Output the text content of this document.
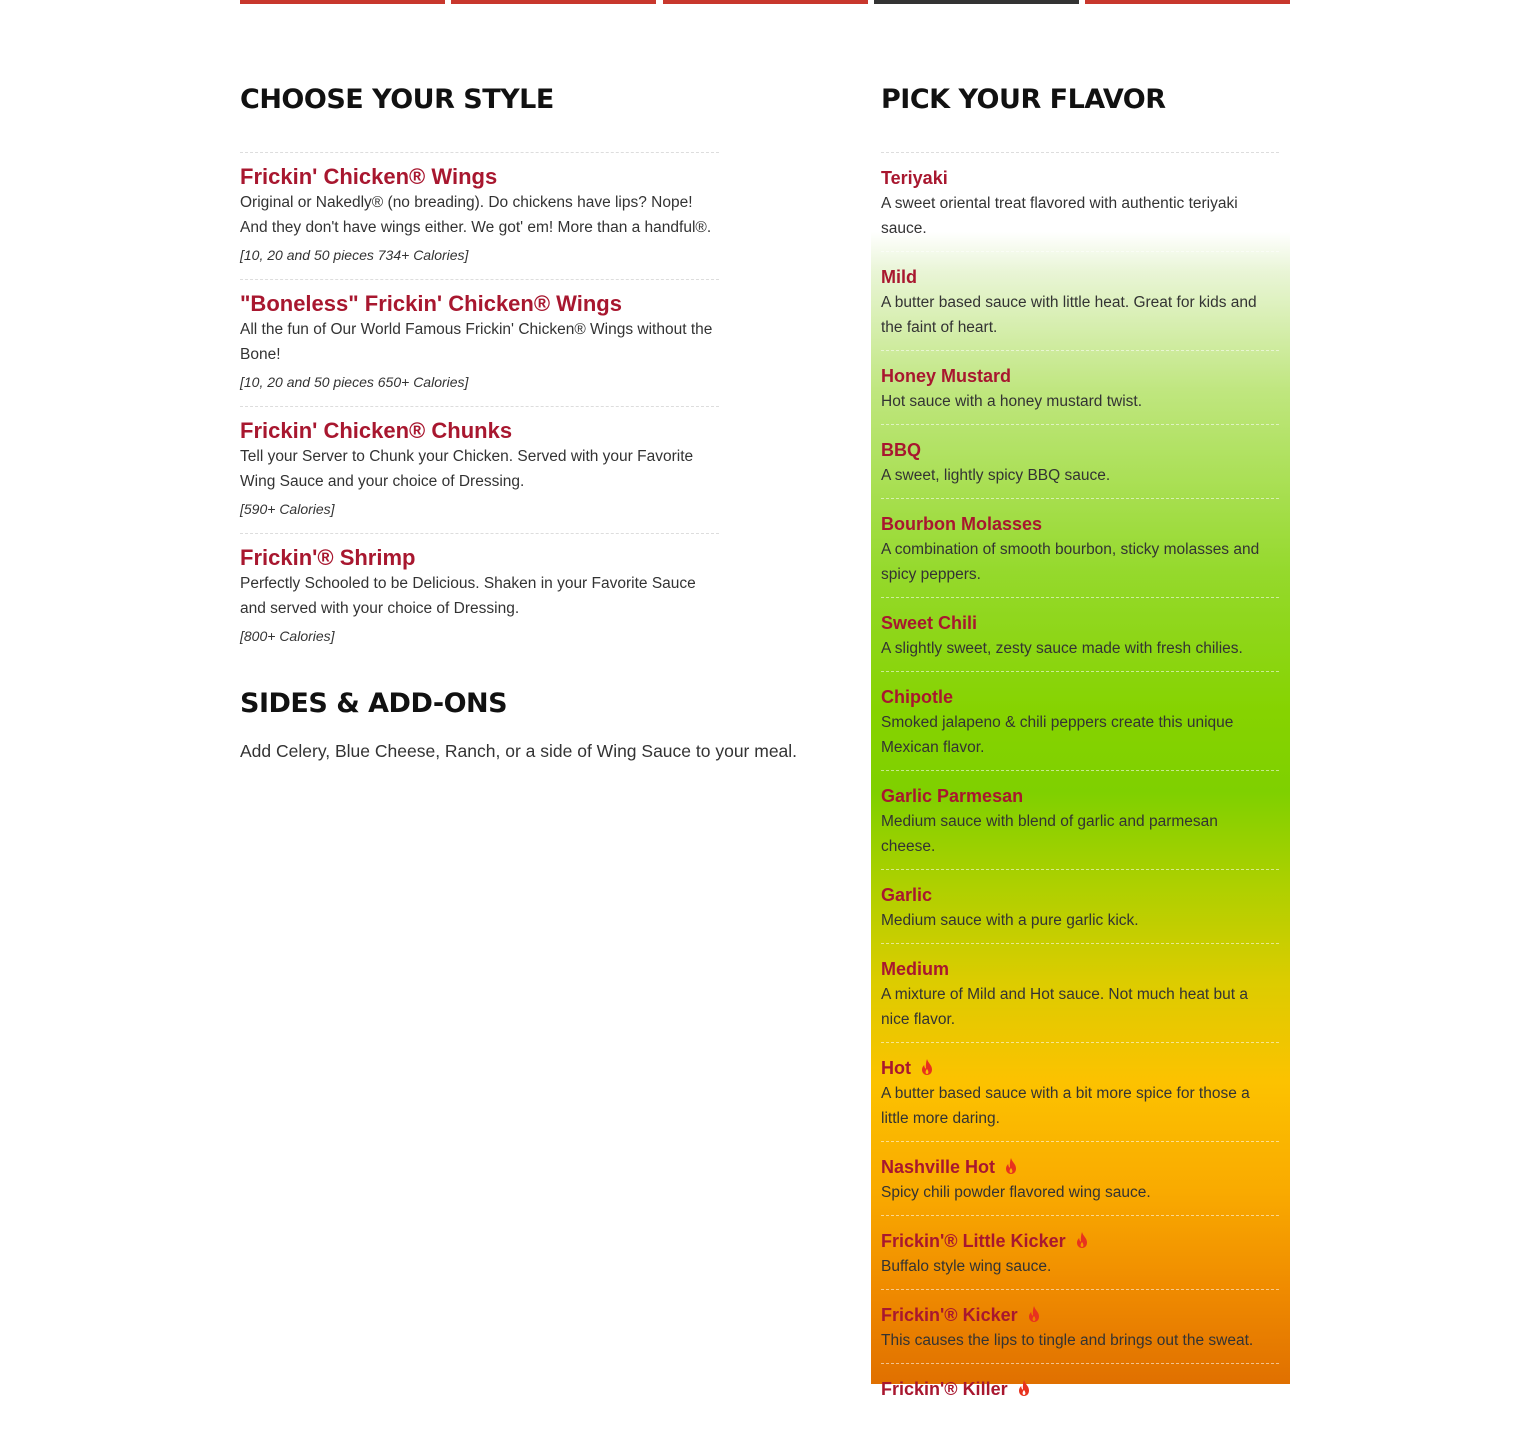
CHOOSE YOUR STYLE
Frickin' Chicken® Wings
Original or Nakedly® (no breading). Do chickens have lips? Nope! And they don't have wings either. We got' em! More than a handful®.
[10, 20 and 50 pieces 734+ Calories]
"Boneless" Frickin' Chicken® Wings
All the fun of Our World Famous Frickin' Chicken® Wings without the Bone!
[10, 20 and 50 pieces 650+ Calories]
Frickin' Chicken® Chunks
Tell your Server to Chunk your Chicken. Served with your Favorite Wing Sauce and your choice of Dressing.
[590+ Calories]
Frickin'® Shrimp
Perfectly Schooled to be Delicious. Shaken in your Favorite Sauce and served with your choice of Dressing.
[800+ Calories]
SIDES & ADD-ONS
Add Celery, Blue Cheese, Ranch, or a side of Wing Sauce to your meal.
PICK YOUR FLAVOR
Teriyaki
A sweet oriental treat flavored with authentic teriyaki sauce.
Mild
A butter based sauce with little heat. Great for kids and the faint of heart.
Honey Mustard
Hot sauce with a honey mustard twist.
BBQ
A sweet, lightly spicy BBQ sauce.
Bourbon Molasses
A combination of smooth bourbon, sticky molasses and spicy peppers.
Sweet Chili
A slightly sweet, zesty sauce made with fresh chilies.
Chipotle
Smoked jalapeno & chili peppers create this unique Mexican flavor.
Garlic Parmesan
Medium sauce with blend of garlic and parmesan cheese.
Garlic
Medium sauce with a pure garlic kick.
Medium
A mixture of Mild and Hot sauce. Not much heat but a nice flavor.
Hot
A butter based sauce with a bit more spice for those a little more daring.
Nashville Hot
Spicy chili powder flavored wing sauce.
Frickin'® Little Kicker
Buffalo style wing sauce.
Frickin'® Kicker
This causes the lips to tingle and brings out the sweat.
Frickin'® Killer
